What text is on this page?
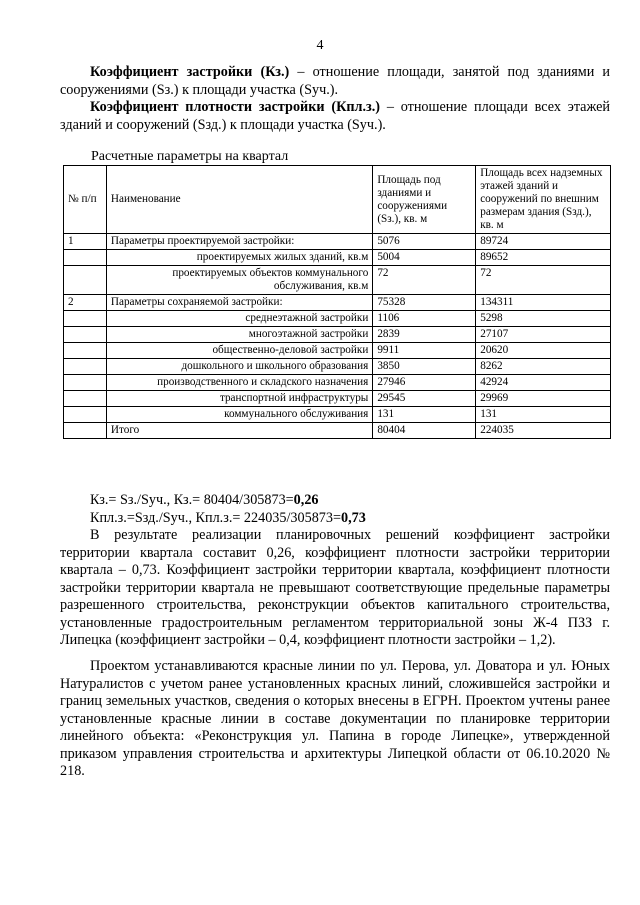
4
Коэффициент застройки (Кз.) – отношение площади, занятой под зданиями и сооружениями (Sз.) к площади участка (Sуч.).
Коэффициент плотности застройки (Кпл.з.) – отношение площади всех этажей зданий и сооружений (Sзд.) к площади участка (Sуч.).
Расчетные параметры на квартал
№ п/п	Наименование	Площадь под зданиями и сооружениями (Sз.), кв. м	Площадь всех надземных этажей зданий и сооружений по внешним размерам здания (Sзд.), кв. м
1	Параметры проектируемой застройки:	5076	89724
	проектируемых жилых зданий, кв.м	5004	89652
	проектируемых объектов коммунального обслуживания, кв.м	72	72
2	Параметры сохраняемой застройки:	75328	134311
	среднеэтажной застройки	1106	5298
	многоэтажной застройки	2839	27107
	общественно-деловой застройки	9911	20620
	дошкольного и школьного образования	3850	8262
	производственного и складского назначения	27946	42924
	транспортной инфраструктуры	29545	29969
	коммунального обслуживания	131	131
	Итого	80404	224035
Кз.= Sз./Sуч., Кз.= 80404/305873=0,26
Кпл.з.=Sзд./Sуч., Кпл.з.= 224035/305873=0,73
В результате реализации планировочных решений коэффициент застройки территории квартала составит 0,26, коэффициент плотности застройки территории квартала – 0,73. Коэффициент застройки территории квартала, коэффициент плотности застройки территории квартала не превышают соответствующие предельные параметры разрешенного строительства, реконструкции объектов капитального строительства, установленные градостроительным регламентом территориальной зоны Ж-4 ПЗЗ г. Липецка (коэффициент застройки – 0,4, коэффициент плотности застройки – 1,2).
Проектом устанавливаются красные линии по ул. Перова, ул. Доватора и ул. Юных Натуралистов с учетом ранее установленных красных линий, сложившейся застройки и границ земельных участков, сведения о которых внесены в ЕГРН. Проектом учтены ранее установленные красные линии в составе документации по планировке территории линейного объекта: «Реконструкция ул. Папина в городе Липецке», утвержденной приказом управления строительства и архитектуры Липецкой области от 06.10.2020 № 218.
